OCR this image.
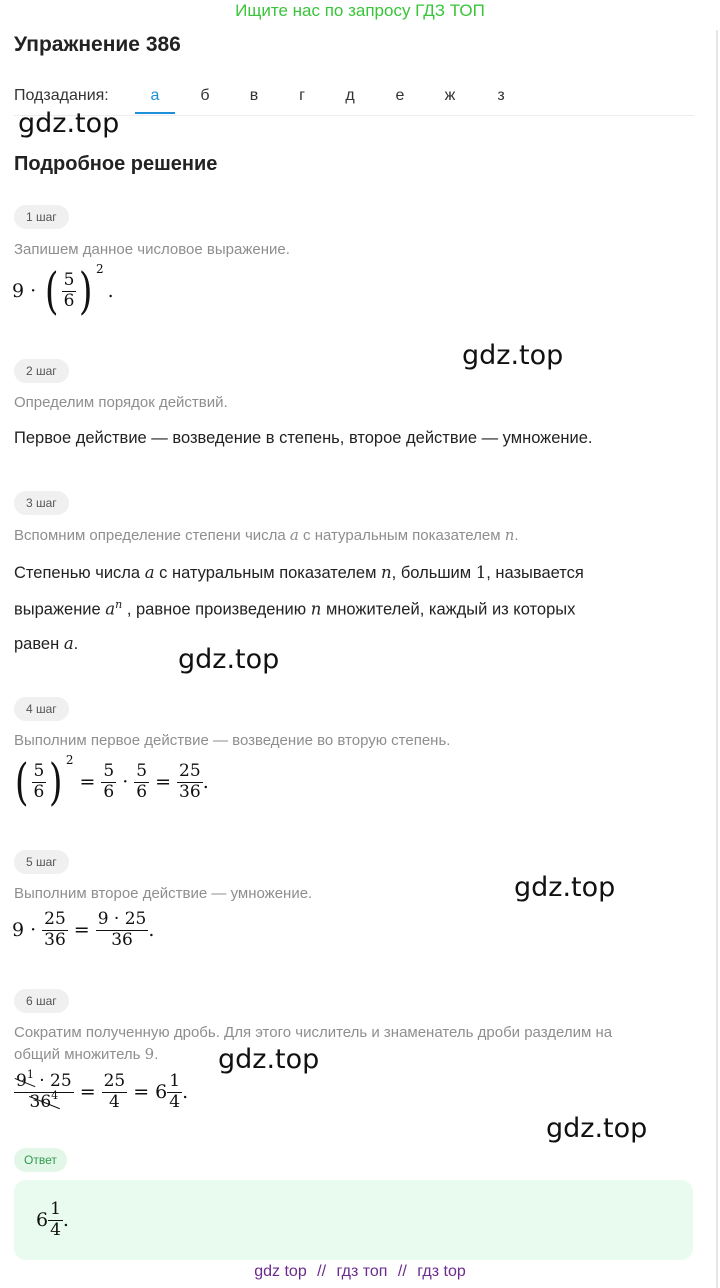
Ищите нас по запросу ГДЗ ТОП
Упражнение 386
Подзадания:	а	б	в	г	д	е	ж	з
gdz.top
Подробное решение
1 шаг
Запишем данное числовое выражение.
9 · ( $\frac{5}{6}$ ) 2
.
gdz.top
2 шаг
Определим порядок действий.
Первое действие — возведение в степень, второе действие — умножение.
3 шаг
Вспомним определение степени числа a с натуральным показателем n.
Степенью числа a с натуральным показателем n, большим 1, называется
выражение $a^n$ , равное произведению n множителей, каждый из которых
равен a.	gdz.top
4 шаг
Выполним первое действие — возведение во вторую степень.
( $\frac{5}{6}$ ) 2
= $\frac{5}{6} \cdot \frac{5}{6} = \frac{25}{36}$ .
5 шаг
gdz.top
Выполним второе действие — умножение.
$9 \cdot \frac{25}{36} = \frac{9 \cdot 25}{36}$ .
6 шаг
Сократим полученную дробь. Для этого числитель и знаменатель дроби разделим на
общий множитель 9. gdz.top
$\frac{9^1 \cdot 25}{36^4} = \frac{25}{4} = 6 \frac{1}{4}$ .
gdz.top
Ответ
$6 \frac{1}{4}$ .
gdz top // гдз топ // гдз top
